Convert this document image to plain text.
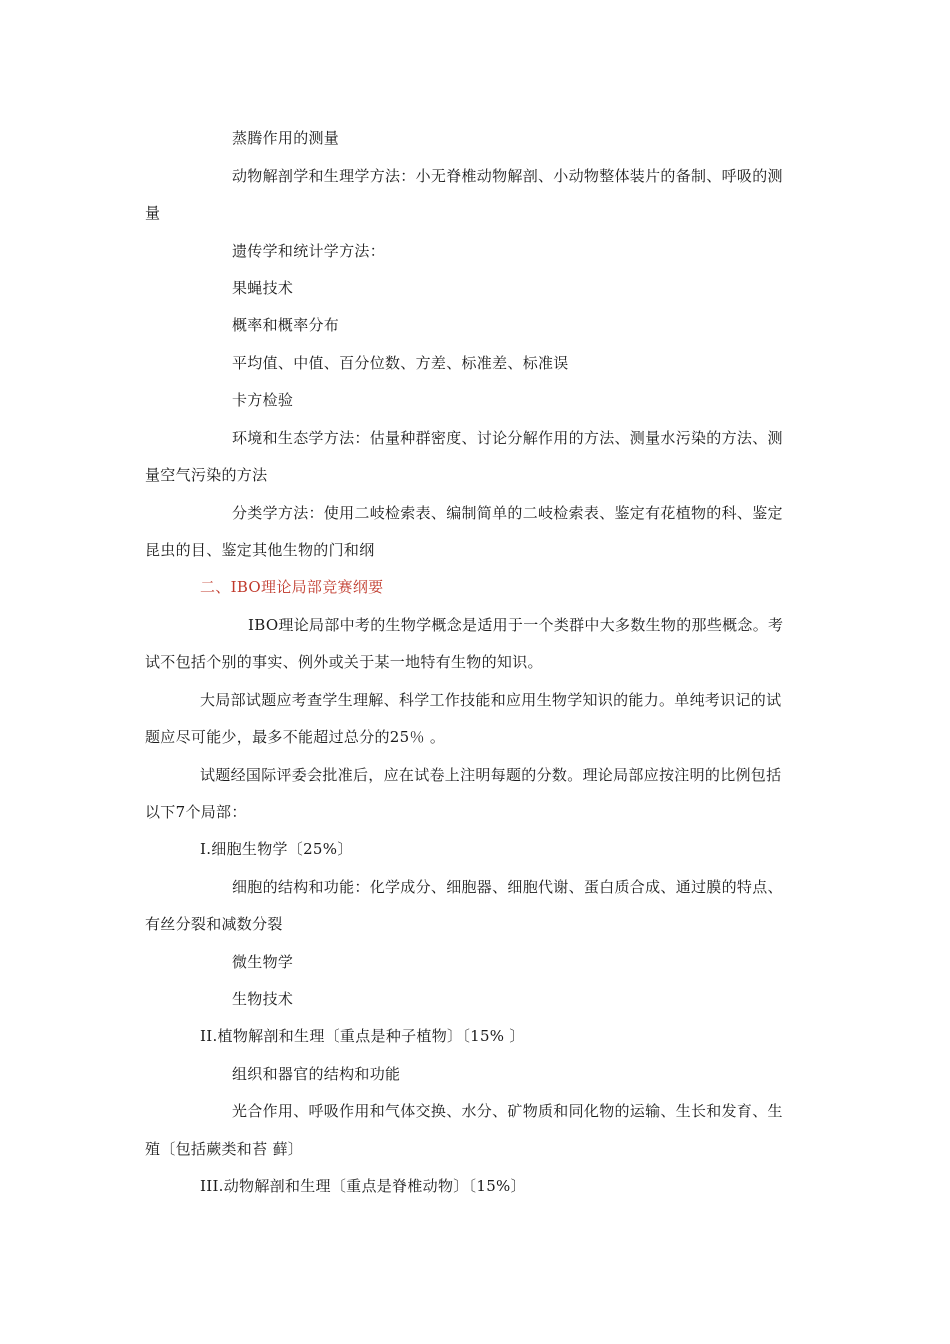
蒸腾作用的测量
动物解剖学和生理学方法：小无脊椎动物解剖、小动物整体装片的备制、呼吸的测
量
遗传学和统计学方法：
果蝇技术
概率和概率分布
平均值、中值、百分位数、方差、标准差、标准误
卡方检验
环境和生态学方法：估量种群密度、讨论分解作用的方法、测量水污染的方法、测
量空气污染的方法
分类学方法：使用二岐检索表、编制简单的二岐检索表、鉴定有花植物的科、鉴定
昆虫的目、鉴定其他生物的门和纲
二、IBO理论局部竞赛纲要
IBO理论局部中考的生物学概念是适用于一个类群中大多数生物的那些概念。考
试不包括个别的事实、例外或关于某一地特有生物的知识。
大局部试题应考查学生理解、科学工作技能和应用生物学知识的能力。单纯考识记的试
题应尽可能少，最多不能超过总分的25％ 。
试题经国际评委会批准后，应在试卷上注明每题的分数。理论局部应按注明的比例包括
以下7个局部：
I.细胞生物学〔25%〕
细胞的结构和功能：化学成分、细胞器、细胞代谢、蛋白质合成、通过膜的特点、
有丝分裂和减数分裂
微生物学
生物技术
II.植物解剖和生理〔重点是种子植物〕〔15% 〕
组织和器官的结构和功能
光合作用、呼吸作用和气体交换、水分、矿物质和同化物的运输、生长和发育、生
殖〔包括蕨类和苔 藓〕
III.动物解剖和生理〔重点是脊椎动物〕〔15%〕
